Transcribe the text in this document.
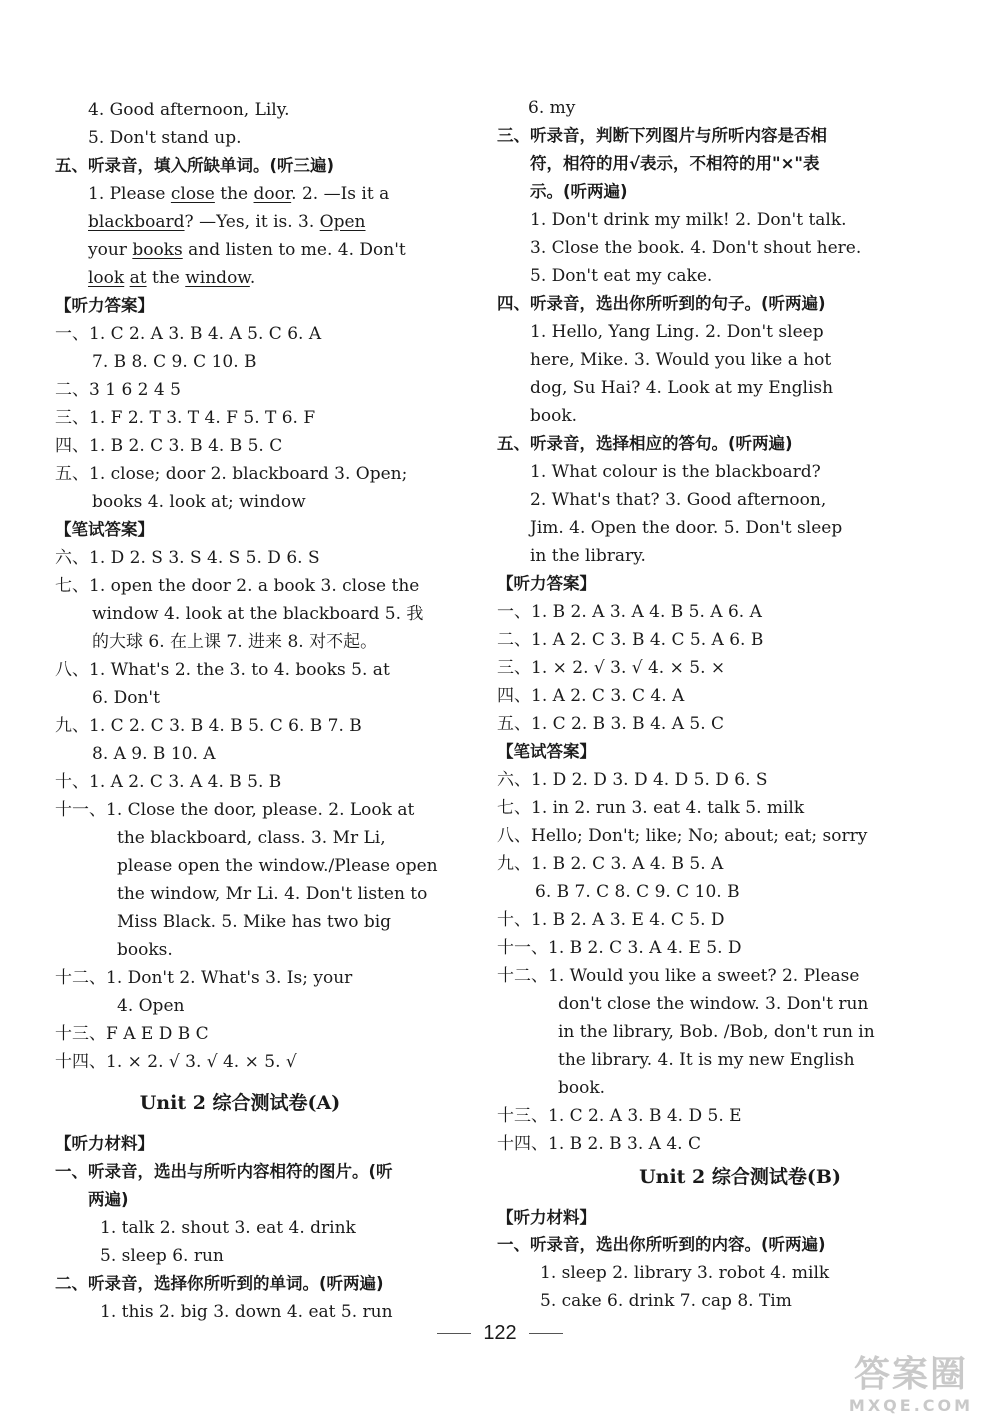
4. Good afternoon, Lily.
5. Don't stand up.
五、听录音，填入所缺单词。(听三遍)
1. Please close the door. 2. —Is it a
blackboard? —Yes, it is. 3. Open
your books and listen to me. 4. Don't
look at the window.
【听力答案】
一、1. C 2. A 3. B 4. A 5. C 6. A
7. B 8. C 9. C 10. B
二、3 1 6 2 4 5
三、1. F 2. T 3. T 4. F 5. T 6. F
四、1. B 2. C 3. B 4. B 5. C
五、1. close; door 2. blackboard 3. Open;
books 4. look at; window
【笔试答案】
六、1. D 2. S 3. S 4. S 5. D 6. S
七、1. open the door 2. a book 3. close the
window 4. look at the blackboard 5. 我
的大球 6. 在上课 7. 进来 8. 对不起。
八、1. What's 2. the 3. to 4. books 5. at
6. Don't
九、1. C 2. C 3. B 4. B 5. C 6. B 7. B
8. A 9. B 10. A
十、1. A 2. C 3. A 4. B 5. B
十一、1. Close the door, please. 2. Look at
the blackboard, class. 3. Mr Li,
please open the window./Please open
the window, Mr Li. 4. Don't listen to
Miss Black. 5. Mike has two big
books.
十二、1. Don't 2. What's 3. Is; your
4. Open
十三、F A E D B C
十四、1. × 2. √ 3. √ 4. × 5. √
Unit 2 综合测试卷(A)
【听力材料】
一、听录音，选出与所听内容相符的图片。(听
两遍)
1. talk 2. shout 3. eat 4. drink
5. sleep 6. run
二、听录音，选择你所听到的单词。(听两遍)
1. this 2. big 3. down 4. eat 5. run
6. my
三、听录音，判断下列图片与所听内容是否相
符，相符的用√表示，不相符的用"×"表
示。(听两遍)
1. Don't drink my milk! 2. Don't talk.
3. Close the book. 4. Don't shout here.
5. Don't eat my cake.
四、听录音，选出你所听到的句子。(听两遍)
1. Hello, Yang Ling. 2. Don't sleep
here, Mike. 3. Would you like a hot
dog, Su Hai? 4. Look at my English
book.
五、听录音，选择相应的答句。(听两遍)
1. What colour is the blackboard?
2. What's that? 3. Good afternoon,
Jim. 4. Open the door. 5. Don't sleep
in the library.
【听力答案】
一、1. B 2. A 3. A 4. B 5. A 6. A
二、1. A 2. C 3. B 4. C 5. A 6. B
三、1. × 2. √ 3. √ 4. × 5. ×
四、1. A 2. C 3. C 4. A
五、1. C 2. B 3. B 4. A 5. C
【笔试答案】
六、1. D 2. D 3. D 4. D 5. D 6. S
七、1. in 2. run 3. eat 4. talk 5. milk
八、Hello; Don't; like; No; about; eat; sorry
九、1. B 2. C 3. A 4. B 5. A
6. B 7. C 8. C 9. C 10. B
十、1. B 2. A 3. E 4. C 5. D
十一、1. B 2. C 3. A 4. E 5. D
十二、1. Would you like a sweet? 2. Please
don't close the window. 3. Don't run
in the library, Bob. /Bob, don't run in
the library. 4. It is my new English
book.
十三、1. C 2. A 3. B 4. D 5. E
十四、1. B 2. B 3. A 4. C
Unit 2 综合测试卷(B)
【听力材料】
一、听录音，选出你所听到的内容。(听两遍)
1. sleep 2. library 3. robot 4. milk
5. cake 6. drink 7. cap 8. Tim
122
答案圈
MXQE.COM
